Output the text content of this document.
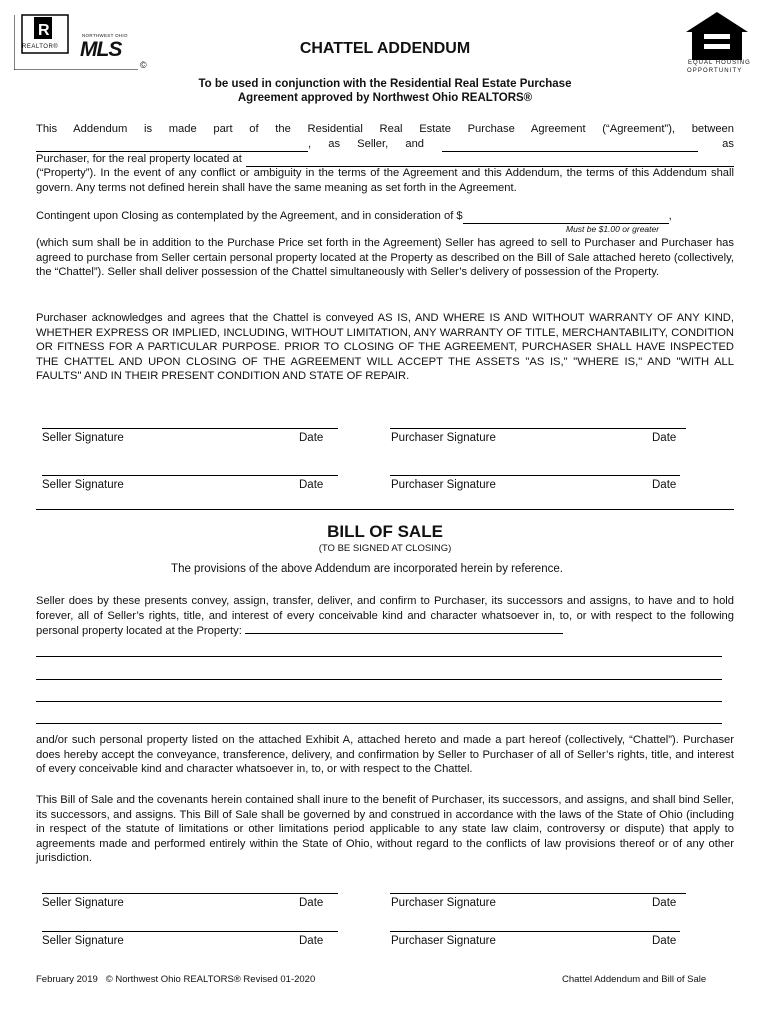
R
REALTOR®
NORTHWEST OHIO
MLS
©	EQUAL HOUSING
OPPORTUNITY
CHATTEL ADDENDUM
To be used in conjunction with the Residential Real Estate Purchase
Agreement approved by Northwest Ohio REALTORS®
This Addendum is made part of the Residential Real Estate Purchase Agreement (“Agreement”), between
, as Seller, and	as
Purchaser, for the real property located at
(“Property”). In the event of any conflict or ambiguity in the terms of the Agreement and this Addendum, the terms of this Addendum shall govern. Any terms not defined herein shall have the same meaning as set forth in the Agreement.
Contingent upon Closing as contemplated by the Agreement, and in consideration of $	,
Must be $1.00 or greater
(which sum shall be in addition to the Purchase Price set forth in the Agreement) Seller has agreed to sell to Purchaser and Purchaser has agreed to purchase from Seller certain personal property located at the Property as described on the Bill of Sale attached hereto (collectively, the “Chattel”). Seller shall deliver possession of the Chattel simultaneously with Seller’s delivery of possession of the Property.
Purchaser acknowledges and agrees that the Chattel is conveyed AS IS, AND WHERE IS AND WITHOUT WARRANTY OF ANY KIND, WHETHER EXPRESS OR IMPLIED, INCLUDING, WITHOUT LIMITATION, ANY WARRANTY OF TITLE, MERCHANTABILITY, CONDITION OR FITNESS FOR A PARTICULAR PURPOSE. PRIOR TO CLOSING OF THE AGREEMENT, PURCHASER SHALL HAVE INSPECTED THE CHATTEL AND UPON CLOSING OF THE AGREEMENT WILL ACCEPT THE ASSETS "AS IS," "WHERE IS," AND "WITH ALL FAULTS" AND IN THEIR PRESENT CONDITION AND STATE OF REPAIR.
Seller Signature	Date	Purchaser Signature	Date
Seller Signature	Date	Purchaser Signature	Date
BILL OF SALE
(TO BE SIGNED AT CLOSING)
The provisions of the above Addendum are incorporated herein by reference.
Seller does by these presents convey, assign, transfer, deliver, and confirm to Purchaser, its successors and assigns, to have and to hold forever, all of Seller’s rights, title, and interest of every conceivable kind and character whatsoever in, to, or with respect to the following personal property located at the Property:
and/or such personal property listed on the attached Exhibit A, attached hereto and made a part hereof (collectively, “Chattel”). Purchaser does hereby accept the conveyance, transference, delivery, and confirmation by Seller to Purchaser of all of Seller’s rights, title, and interest of every conceivable kind and character whatsoever in, to, or with respect to the Chattel.
This Bill of Sale and the covenants herein contained shall inure to the benefit of Purchaser, its successors, and assigns, and shall bind Seller, its successors, and assigns. This Bill of Sale shall be governed by and construed in accordance with the laws of the State of Ohio (including in respect of the statute of limitations or other limitations period applicable to any state law claim, controversy or dispute) that apply to agreements made and performed entirely within the State of Ohio, without regard to the conflicts of law provisions thereof or of any other jurisdiction.
Seller Signature	Date	Purchaser Signature	Date
Seller Signature	Date	Purchaser Signature	Date
February 2019   © Northwest Ohio REALTORS® Revised 01-2020	Chattel Addendum and Bill of Sale
